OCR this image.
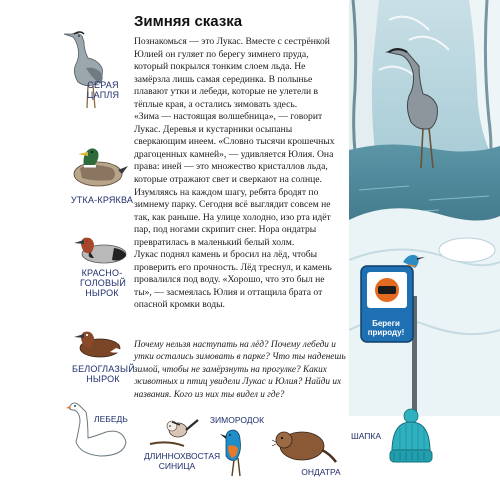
СЕРАЯ ЦАПЛЯ
УТКА-КРЯКВА
КРАСНО-ГОЛОВЫЙ НЫРОК
БЕЛОГЛАЗЫЙ НЫРОК
Зимняя сказка

Познакомься — это Лукас. Вместе с сестрёнкой Юлией он гуляет по берегу зимнего пруда, который покрылся тонким слоем льда. Не замёрзла лишь самая серединка. В полынье плавают утки и лебеди, которые не улетели в тёплые края, а остались зимовать здесь.

«Зима — настоящая волшебница», — говорит Лукас. Деревья и кустарники осыпаны сверкающим инеем. «Словно тысячи крошечных драгоценных камней», — удивляется Юлия. Она права: иней — это множество кристаллов льда, которые отражают свет и сверкают на солнце. Изумляясь на каждом шагу, ребята бродят по зимнему парку. Сегодня всё выглядит совсем не так, как раньше. На улице холодно, изо рта идёт пар, под ногами скрипит снег. Нора ондатры превратилась в маленький белый холм.

Лукас поднял камень и бросил на лёд, чтобы проверить его прочность. Лёд треснул, и камень провалился под воду. «Хорошо, что это был не ты», — засмеялась Юлия и оттащила брата от опасной кромки воды.

Почему нельзя наступать на лёд? Почему лебеди и утки остались зимовать в парке? Что ты наденешь зимой, чтобы не замёрзнуть на прогулке? Каких животных и птиц увидели Лукас и Юлия? Найди их названия. Кого из них ты видел и где?
Береги природу!
ЛЕБЕДЬ
ДЛИННОХВОСТАЯ СИНИЦА
ЗИМОРОДОК
ОНДАТРА
ШАПКА
